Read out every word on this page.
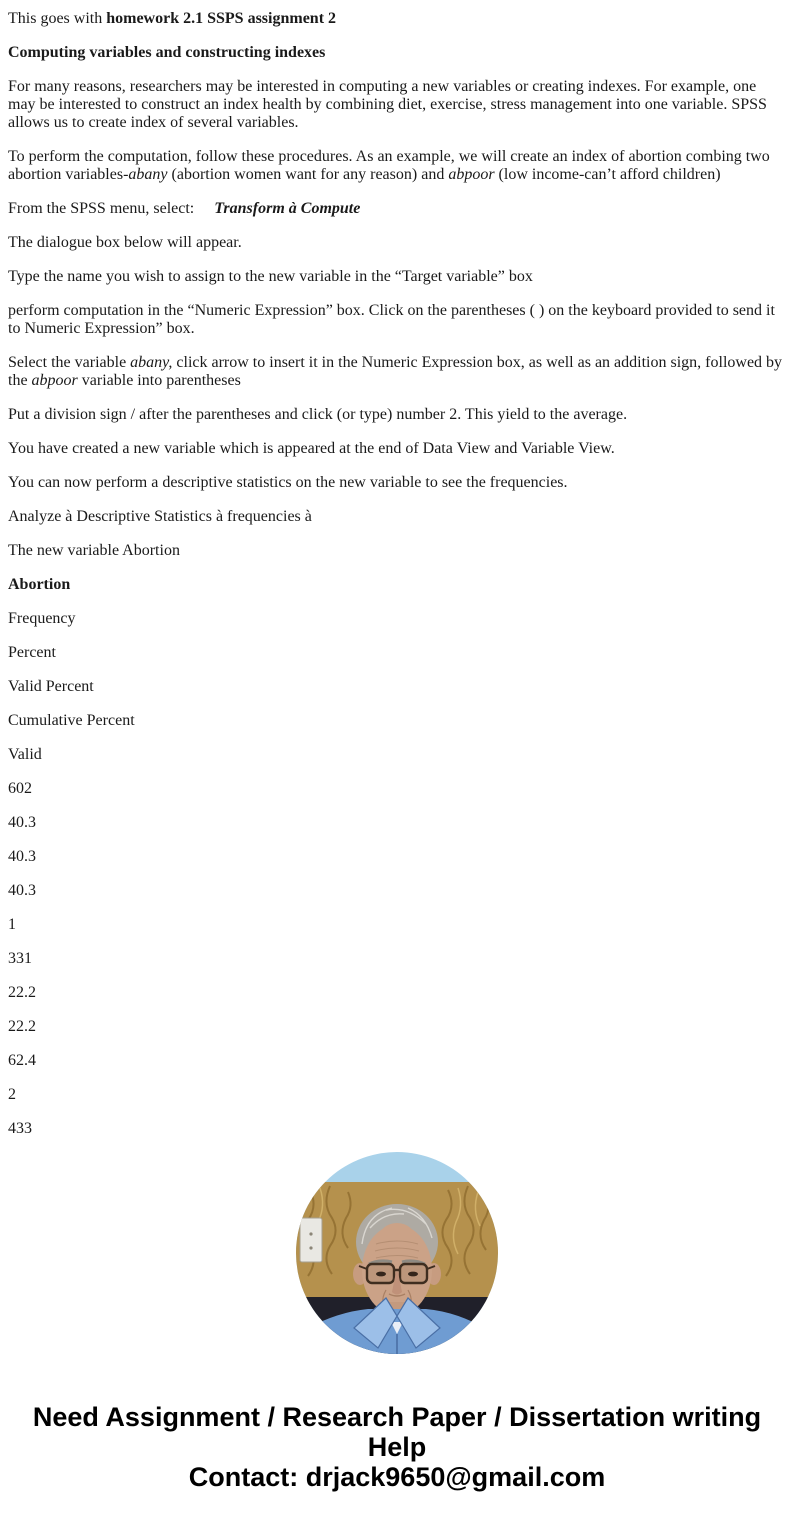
This goes with homework 2.1 SSPS assignment 2

Computing variables and constructing indexes

For many reasons, researchers may be interested in computing a new variables or creating indexes. For example, one may be interested to construct an index health by combining diet, exercise, stress management into one variable. SPSS allows us to create index of several variables.

To perform the computation, follow these procedures. As an example, we will create an index of abortion combing two abortion variables-abany (abortion women want for any reason) and abpoor (low income-can’t afford children)

From the SPSS menu, select:     Transform à Compute

The dialogue box below will appear.

Type the name you wish to assign to the new variable in the “Target variable” box

perform computation in the “Numeric Expression” box. Click on the parentheses ( ) on the keyboard provided to send it to Numeric Expression” box.

Select the variable abany, click arrow to insert it in the Numeric Expression box, as well as an addition sign, followed by the abpoor variable into parentheses

Put a division sign / after the parentheses and click (or type) number 2. This yield to the average.

You have created a new variable which is appeared at the end of Data View and Variable View.

You can now perform a descriptive statistics on the new variable to see the frequencies.

Analyze à Descriptive Statistics à frequencies à

The new variable Abortion

Abortion

Frequency

Percent

Valid Percent

Cumulative Percent

Valid

602

40.3

40.3

40.3

1

331

22.2

22.2

62.4

2

433

Need Assignment / Research Paper / Dissertation writing Help
Contact: drjack9650@gmail.com
